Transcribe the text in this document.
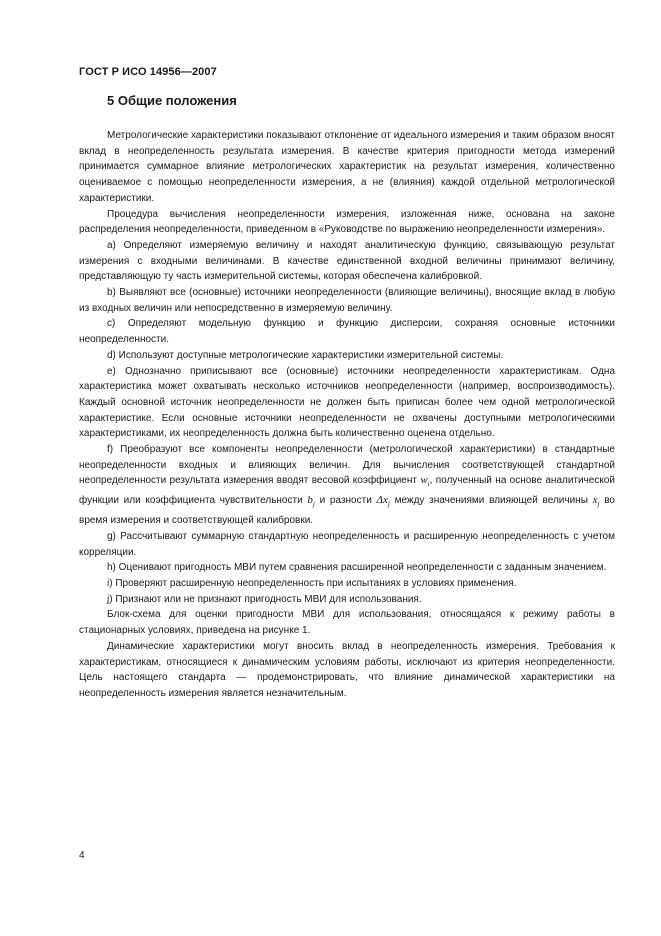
ГОСТ Р ИСО 14956—2007
5 Общие положения

Метрологические характеристики показывают отклонение от идеального измерения и таким образом вносят вклад в неопределенность результата измерения. В качестве критерия пригодности метода измерений принимается суммарное влияние метрологических характеристик на результат измерения, количественно оцениваемое с помощью неопределенности измерения, а не (влияния) каждой отдельной метрологической характеристики.

Процедура вычисления неопределенности измерения, изложенная ниже, основана на законе распределения неопределенности, приведенном в «Руководстве по выражению неопределенности измерения».

a) Определяют измеряемую величину и находят аналитическую функцию, связывающую результат измерения с входными величинами. В качестве единственной входной величины принимают величину, представляющую ту часть измерительной системы, которая обеспечена калибровкой.

b) Выявляют все (основные) источники неопределенности (влияющие величины), вносящие вклад в любую из входных величин или непосредственно в измеряемую величину.

c) Определяют модельную функцию и функцию дисперсии, сохраняя основные источники неопределенности.

d) Используют доступные метрологические характеристики измерительной системы.

e) Однозначно приписывают все (основные) источники неопределенности характеристикам. Одна характеристика может охватывать несколько источников неопределенности (например, воспроизводимость). Каждый основной источник неопределенности не должен быть приписан более чем одной метрологической характеристике. Если основные источники неопределенности не охвачены доступными метрологическими характеристиками, их неопределенность должна быть количественно оценена отдельно.

f) Преобразуют все компоненты неопределенности (метрологической характеристики) в стандартные неопределенности входных и влияющих величин. Для вычисления соответствующей стандартной неопределенности результата измерения вводят весовой коэффициент $w_i$, полученный на основе аналитической функции или коэффициента чувствительности $b_j$ и разности $\Delta x_j$ между значениями влияющей величины $x_j$ во время измерения и соответствующей калибровки.

g) Рассчитывают суммарную стандартную неопределенность и расширенную неопределенность с учетом корреляции.

h) Оценивают пригодность МВИ путем сравнения расширенной неопределенности с заданным значением.

i) Проверяют расширенную неопределенность при испытаниях в условиях применения.

j) Признают или не признают пригодность МВИ для использования.

Блок-схема для оценки пригодности МВИ для использования, относящаяся к режиму работы в стационарных условиях, приведена на рисунке 1.

Динамические характеристики могут вносить вклад в неопределенность измерения. Требования к характеристикам, относящиеся к динамическим условиям работы, исключают из критерия неопределенности. Цель настоящего стандарта — продемонстрировать, что влияние динамической характеристики на неопределенность измерения является незначительным.

4
